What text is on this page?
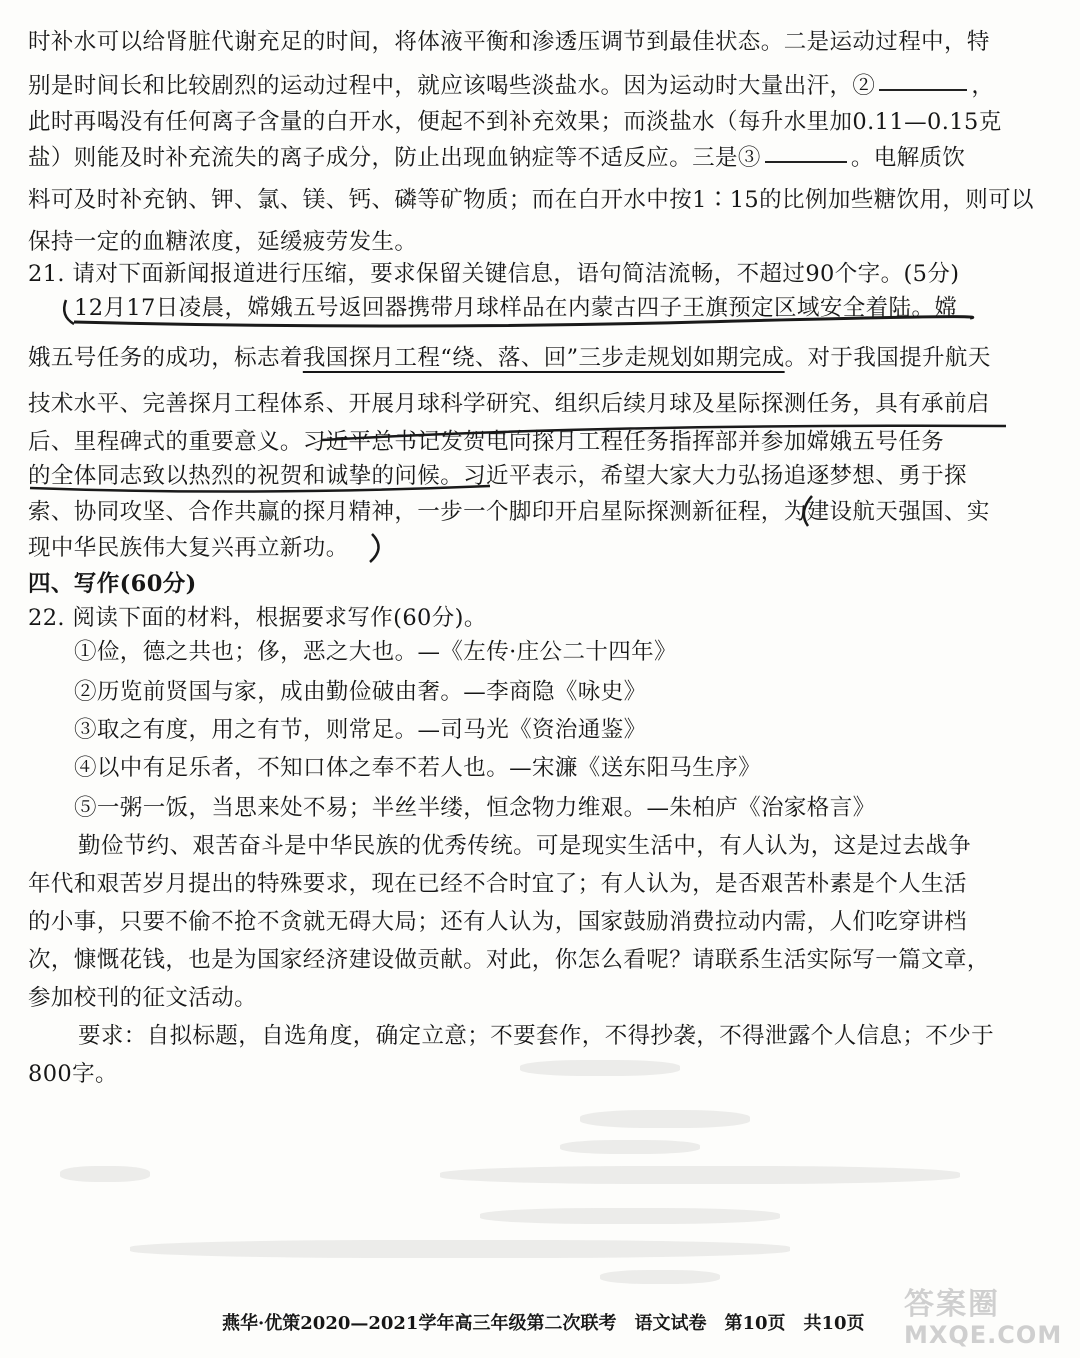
时补水可以给肾脏代谢充足的时间，将体液平衡和渗透压调节到最佳状态。二是运动过程中，特
别是时间长和比较剧烈的运动过程中，就应该喝些淡盐水。因为运动时大量出汗，②	，
此时再喝没有任何离子含量的白开水，便起不到补充效果；而淡盐水（每升水里加0.11—0.15克
盐）则能及时补充流失的离子成分，防止出现血钠症等不适反应。三是③	。电解质饮
料可及时补充钠、钾、氯、镁、钙、磷等矿物质；而在白开水中按1∶15的比例加些糖饮用，则可以
保持一定的血糖浓度，延缓疲劳发生。
21. 请对下面新闻报道进行压缩，要求保留关键信息，语句简洁流畅，不超过90个字。(5分)
12月17日凌晨，嫦娥五号返回器携带月球样品在内蒙古四子王旗预定区域安全着陆。嫦
娥五号任务的成功，标志着我国探月工程“绕、落、回”三步走规划如期完成。对于我国提升航天
技术水平、完善探月工程体系、开展月球科学研究、组织后续月球及星际探测任务，具有承前启
后、里程碑式的重要意义。习近平总书记发贺电向探月工程任务指挥部并参加嫦娥五号任务
的全体同志致以热烈的祝贺和诚挚的问候。习近平表示，希望大家大力弘扬追逐梦想、勇于探
索、协同攻坚、合作共赢的探月精神，一步一个脚印开启星际探测新征程，为建设航天强国、实
现中华民族伟大复兴再立新功。
四、写作(60分)
22. 阅读下面的材料，根据要求写作(60分)。
①俭，德之共也；侈，恶之大也。—《左传·庄公二十四年》
②历览前贤国与家，成由勤俭破由奢。—李商隐《咏史》
③取之有度，用之有节，则常足。—司马光《资治通鉴》
④以中有足乐者，不知口体之奉不若人也。—宋濂《送东阳马生序》
⑤一粥一饭，当思来处不易；半丝半缕，恒念物力维艰。—朱柏庐《治家格言》
勤俭节约、艰苦奋斗是中华民族的优秀传统。可是现实生活中，有人认为，这是过去战争
年代和艰苦岁月提出的特殊要求，现在已经不合时宜了；有人认为，是否艰苦朴素是个人生活
的小事，只要不偷不抢不贪就无碍大局；还有人认为，国家鼓励消费拉动内需，人们吃穿讲档
次，慷慨花钱，也是为国家经济建设做贡献。对此，你怎么看呢？请联系生活实际写一篇文章，
参加校刊的征文活动。
要求：自拟标题，自选角度，确定立意；不要套作，不得抄袭，不得泄露个人信息；不少于
800字。
燕华·优策2020—2021学年高三年级第二次联考　语文试卷　第10页　共10页
答案圈
MXQE.COM
